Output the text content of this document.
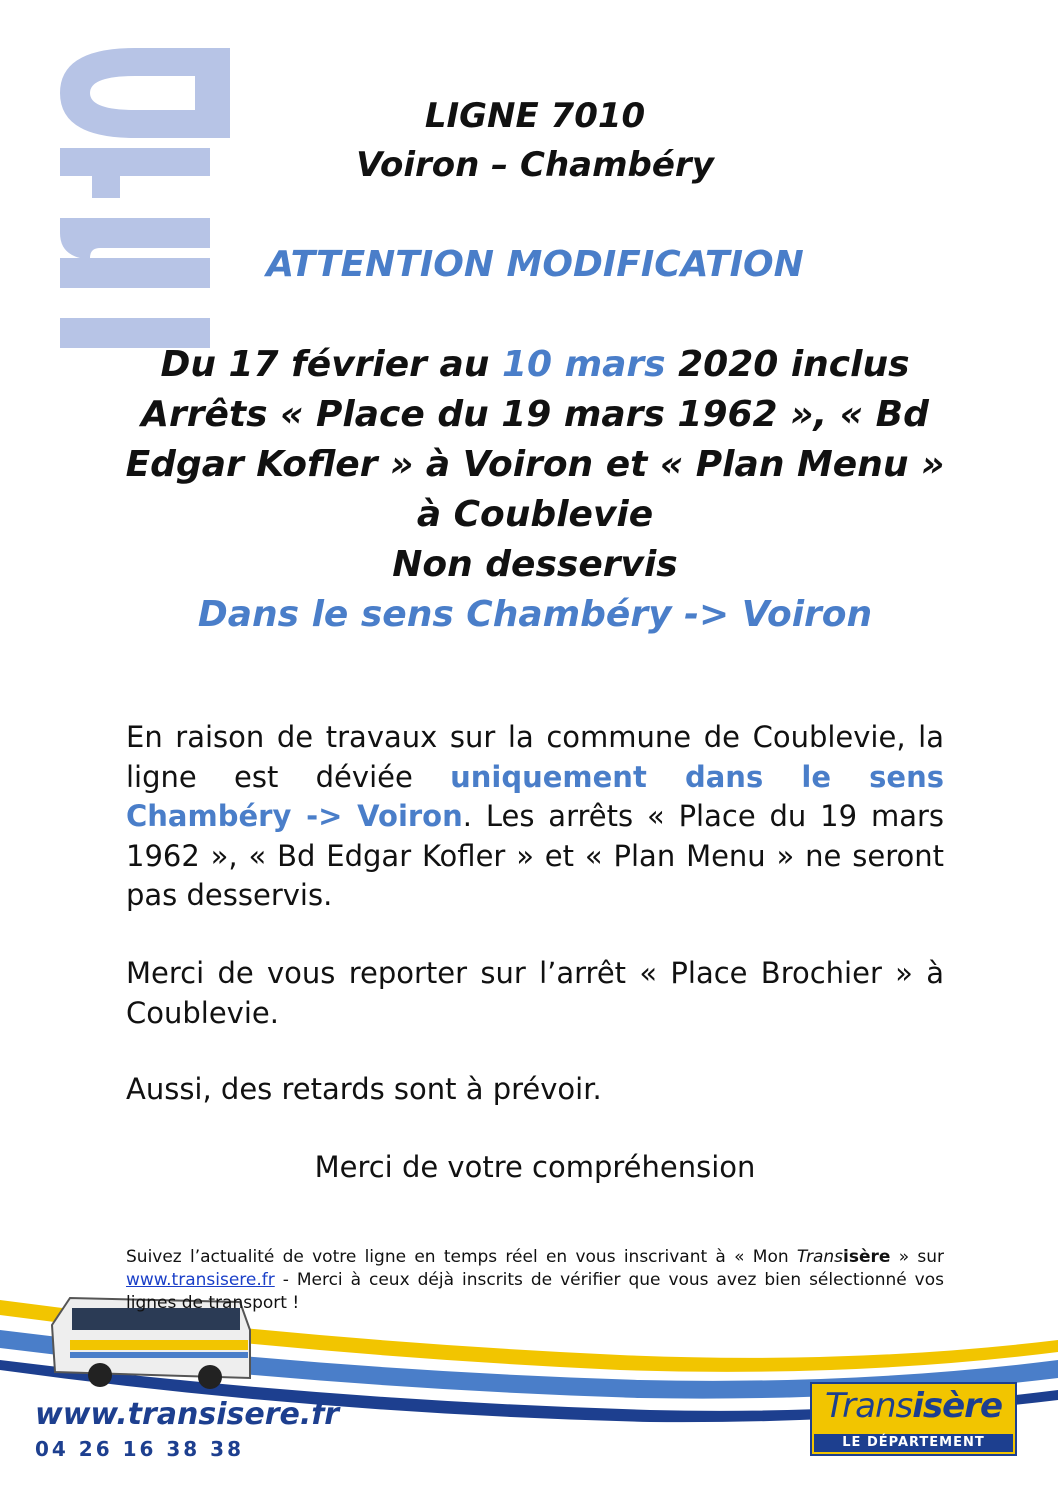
LIGNE 7010
Voiron – Chambéry
ATTENTION MODIFICATION
Du 17 février au 10 mars 2020 inclus
Arrêts « Place du 19 mars 1962 », « Bd
Edgar Kofler » à Voiron et « Plan Menu »
à Coublevie
Non desservis
Dans le sens Chambéry -> Voiron
En raison de travaux sur la commune de Coublevie, la ligne est déviée uniquement dans le sens Chambéry -> Voiron. Les arrêts « Place du 19 mars 1962 », « Bd Edgar Kofler » et « Plan Menu » ne seront pas desservis.
Merci de vous reporter sur l’arrêt « Place Brochier » à Coublevie.
Aussi, des retards sont à prévoir.
Merci de votre compréhension
Suivez l’actualité de votre ligne en temps réel en vous inscrivant à « Mon Transisère » sur www.transisere.fr - Merci à ceux déjà inscrits de vérifier que vous avez bien sélectionné vos lignes de transport !
www.transisere.fr
04 26 16 38 38
Transisère
LE DÉPARTEMENT
